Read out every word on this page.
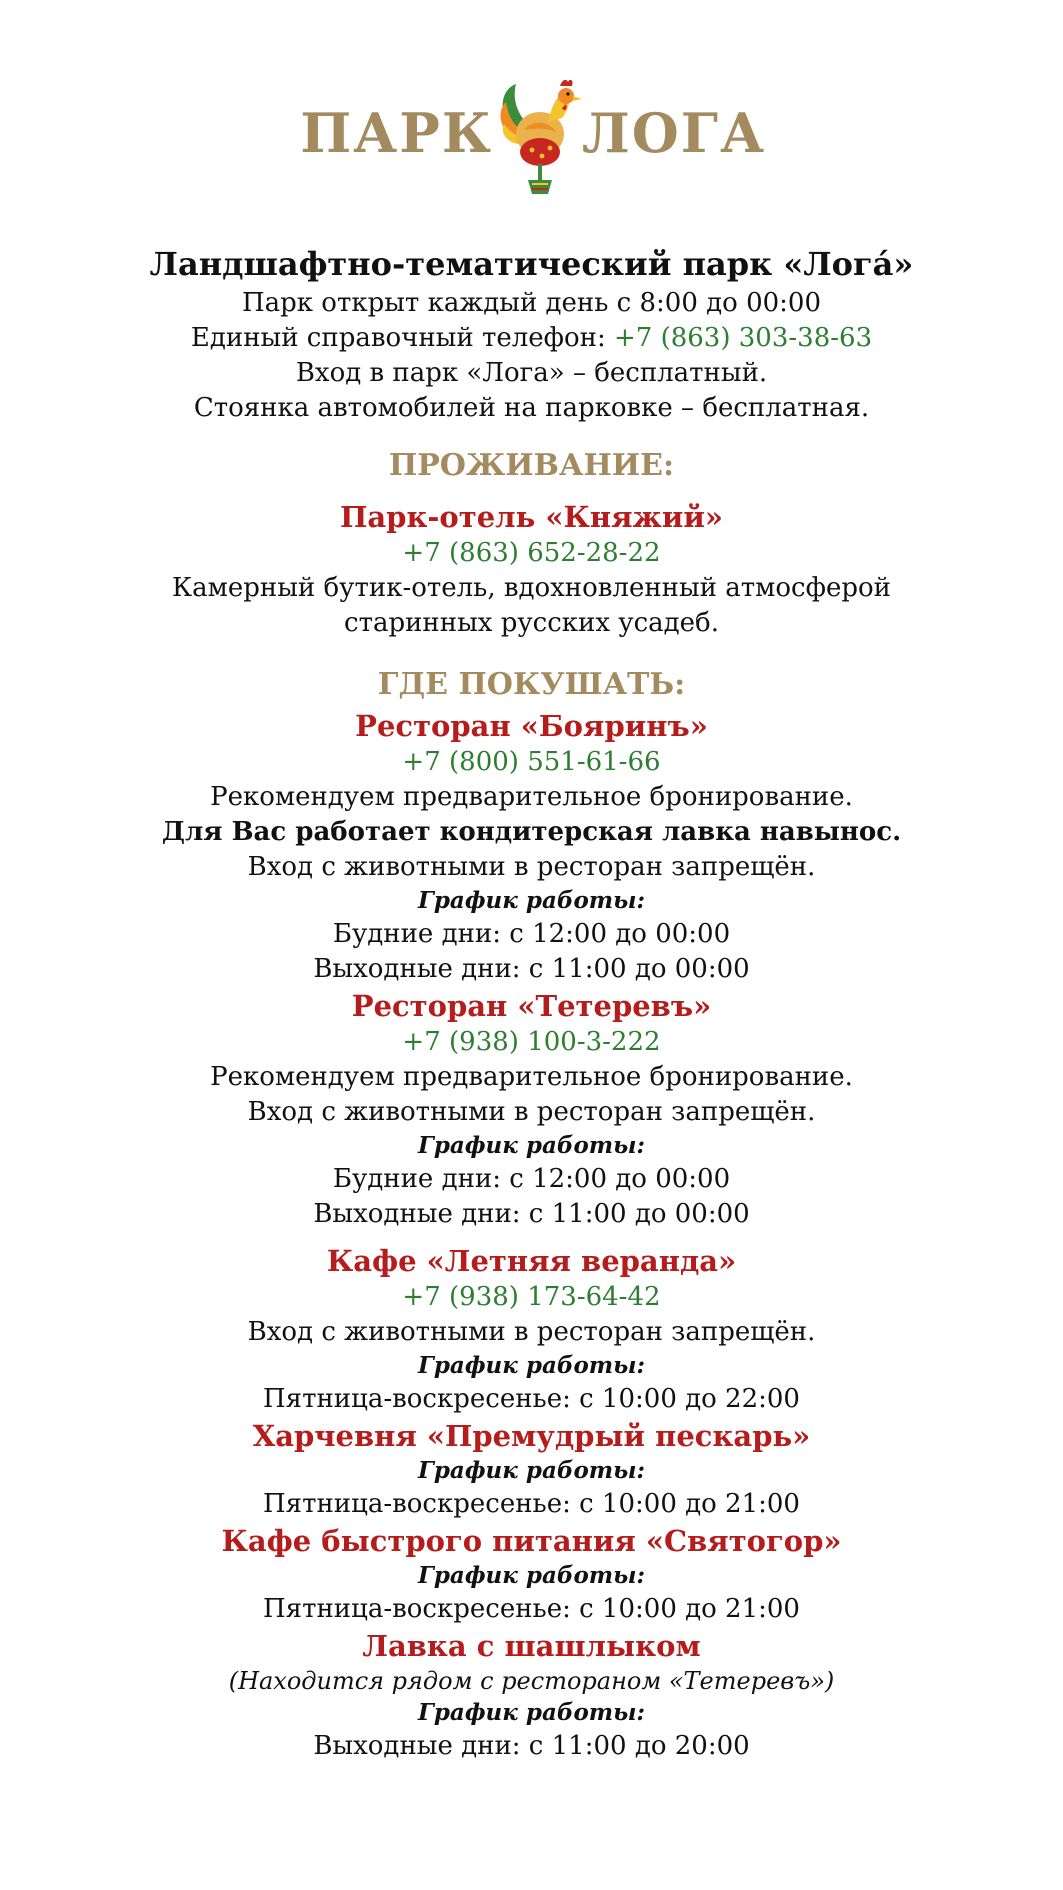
ПАРК ЛОГА
Ландшафтно-тематический парк «Лога́»
Парк открыт каждый день с 8:00 до 00:00
Единый справочный телефон: +7 (863) 303-38-63
Вход в парк «Лога» – бесплатный.
Стоянка автомобилей на парковке – бесплатная.
ПРОЖИВАНИЕ:
Парк-отель «Княжий»
+7 (863) 652-28-22
Камерный бутик-отель, вдохновленный атмосферой
старинных русских усадеб.
ГДЕ ПОКУШАТЬ:
Ресторан «Бояринъ»
+7 (800) 551-61-66
Рекомендуем предварительное бронирование.
Для Вас работает кондитерская лавка навынос.
Вход с животными в ресторан запрещён.
График работы:
Будние дни: с 12:00 до 00:00
Выходные дни: с 11:00 до 00:00
Ресторан «Тетеревъ»
+7 (938) 100-3-222
Рекомендуем предварительное бронирование.
Вход с животными в ресторан запрещён.
График работы:
Будние дни: с 12:00 до 00:00
Выходные дни: с 11:00 до 00:00
Кафе «Летняя веранда»
+7 (938) 173-64-42
Вход с животными в ресторан запрещён.
График работы:
Пятница-воскресенье: с 10:00 до 22:00
Харчевня «Премудрый пескарь»
График работы:
Пятница-воскресенье: с 10:00 до 21:00
Кафе быстрого питания «Святогор»
График работы:
Пятница-воскресенье: с 10:00 до 21:00
Лавка с шашлыком
(Находится рядом с рестораном «Тетеревъ»)
График работы:
Выходные дни: с 11:00 до 20:00
